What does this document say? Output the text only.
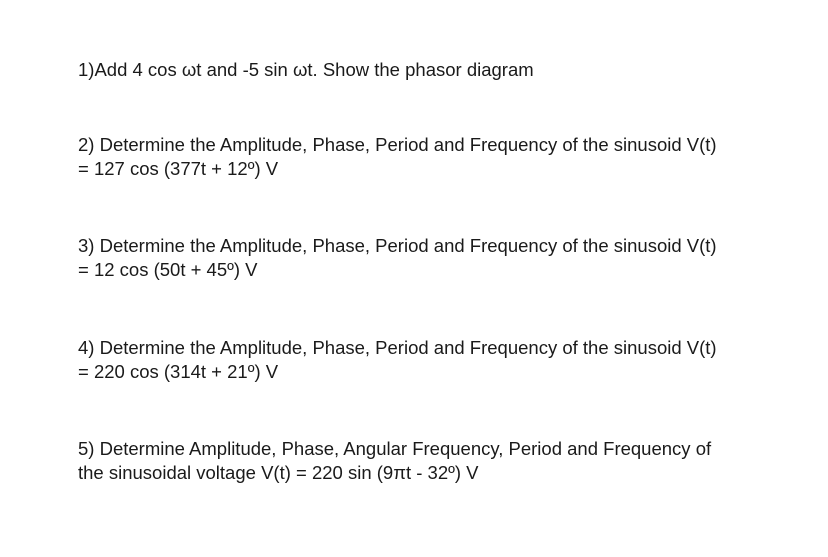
1)Add 4 cos ωt and -5 sin ωt. Show the phasor diagram
2) Determine the Amplitude, Phase, Period and Frequency of the sinusoid V(t)
= 127 cos (377t + 12º) V
3) Determine the Amplitude, Phase, Period and Frequency of the sinusoid V(t)
= 12 cos (50t + 45º) V
4) Determine the Amplitude, Phase, Period and Frequency of the sinusoid V(t)
= 220 cos (314t + 21º) V
5) Determine Amplitude, Phase, Angular Frequency, Period and Frequency of
the sinusoidal voltage V(t) = 220 sin (9πt - 32º) V
